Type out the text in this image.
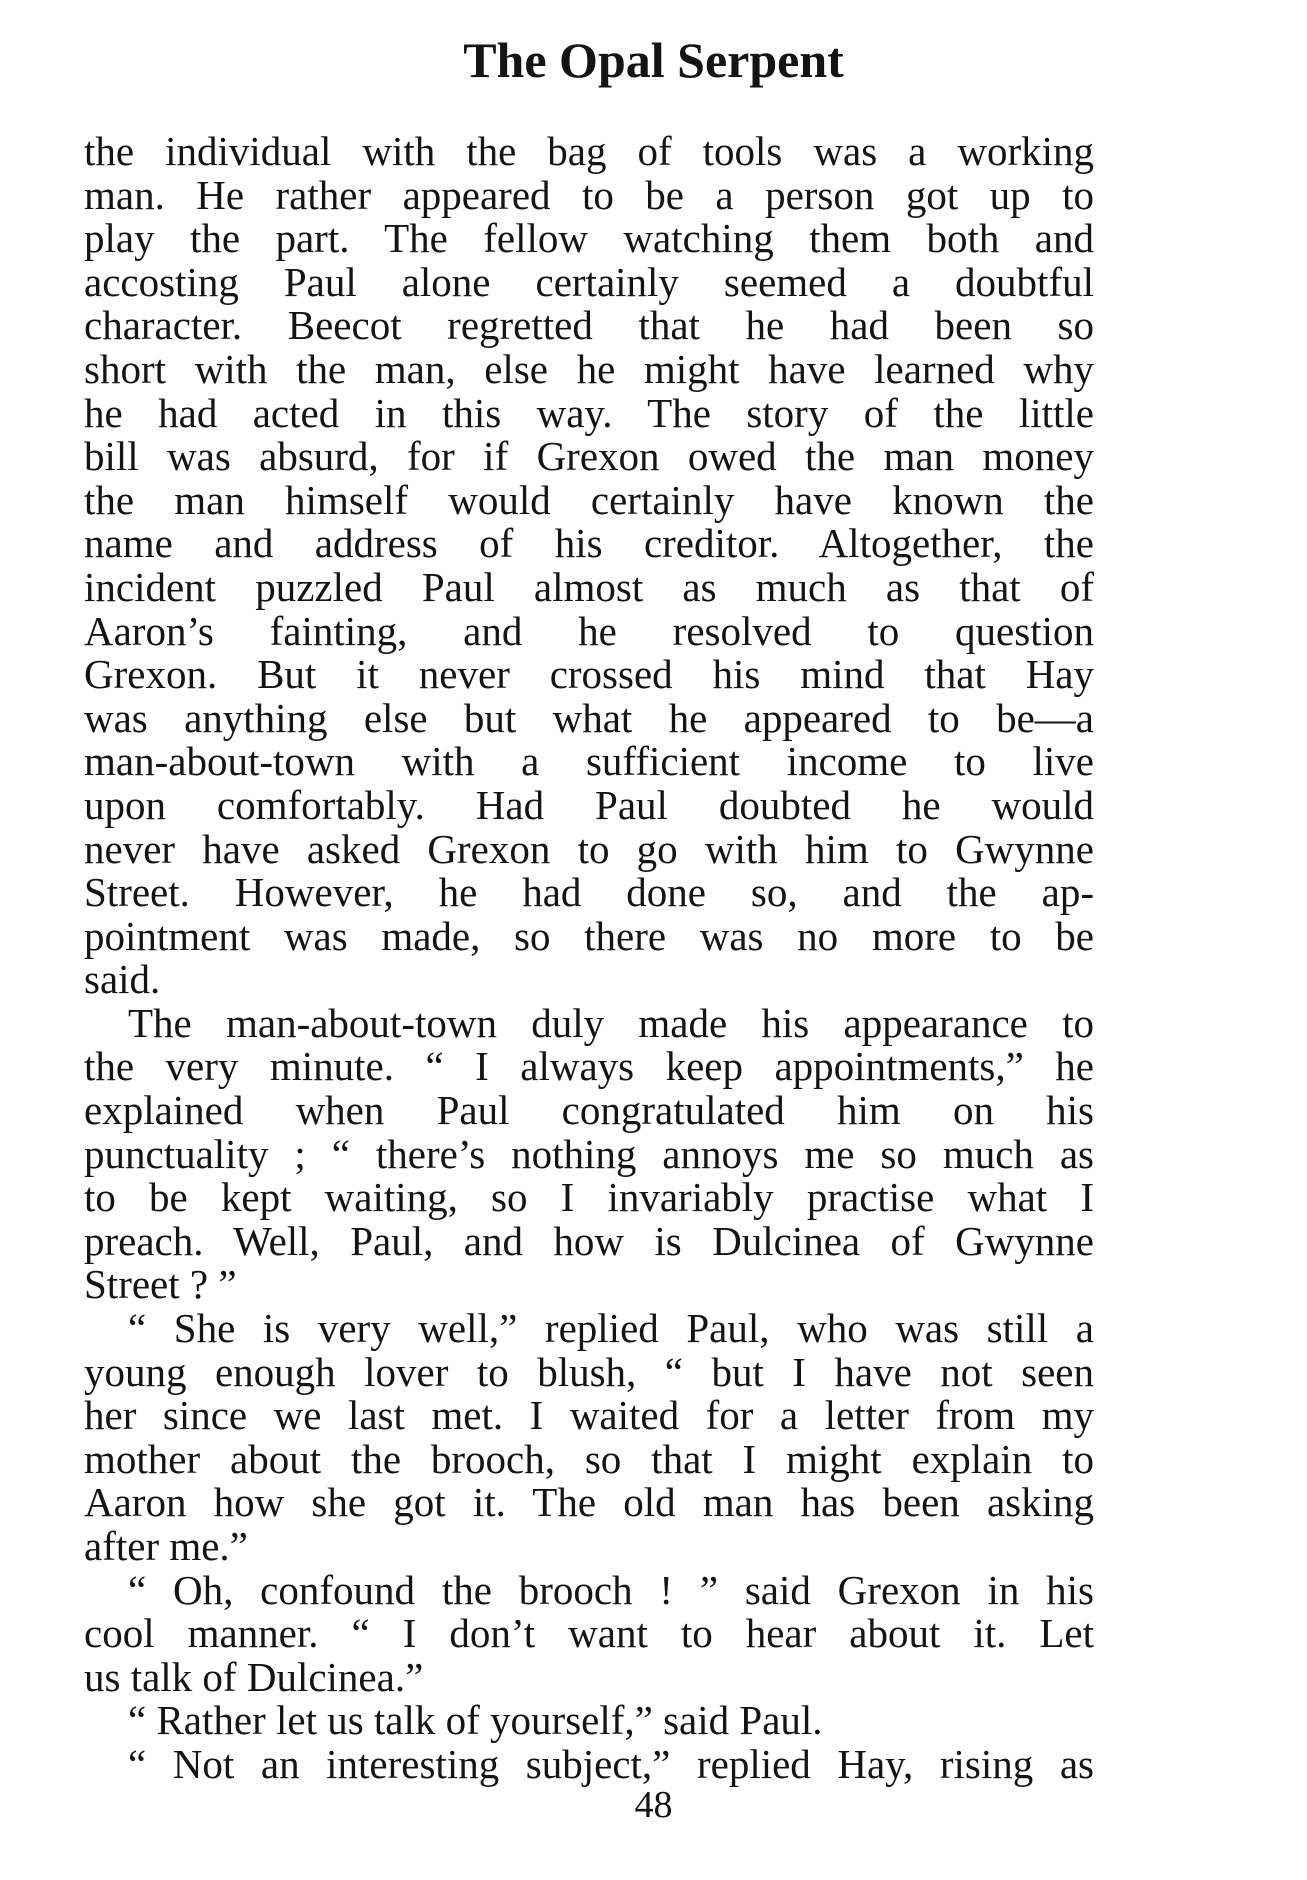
The Opal Serpent
the individual with the bag of tools was a working
man. He rather appeared to be a person got up to
play the part. The fellow watching them both and
accosting Paul alone certainly seemed a doubtful
character. Beecot regretted that he had been so
short with the man, else he might have learned why
he had acted in this way. The story of the little
bill was absurd, for if Grexon owed the man money
the man himself would certainly have known the
name and address of his creditor. Altogether, the
incident puzzled Paul almost as much as that of
Aaron’s fainting, and he resolved to question
Grexon. But it never crossed his mind that Hay
was anything else but what he appeared to be—a
man-about-town with a sufficient income to live
upon comfortably. Had Paul doubted he would
never have asked Grexon to go with him to Gwynne
Street. However, he had done so, and the ap-
pointment was made, so there was no more to be
said.
The man-about-town duly made his appearance to
the very minute. “ I always keep appointments,” he
explained when Paul congratulated him on his
punctuality ; “ there’s nothing annoys me so much as
to be kept waiting, so I invariably practise what I
preach. Well, Paul, and how is Dulcinea of Gwynne
Street ? ”
“ She is very well,” replied Paul, who was still a
young enough lover to blush, “ but I have not seen
her since we last met. I waited for a letter from my
mother about the brooch, so that I might explain to
Aaron how she got it. The old man has been asking
after me.”
“ Oh, confound the brooch ! ” said Grexon in his
cool manner. “ I don’t want to hear about it. Let
us talk of Dulcinea.”
“ Rather let us talk of yourself,” said Paul.
“ Not an interesting subject,” replied Hay, rising as
48
